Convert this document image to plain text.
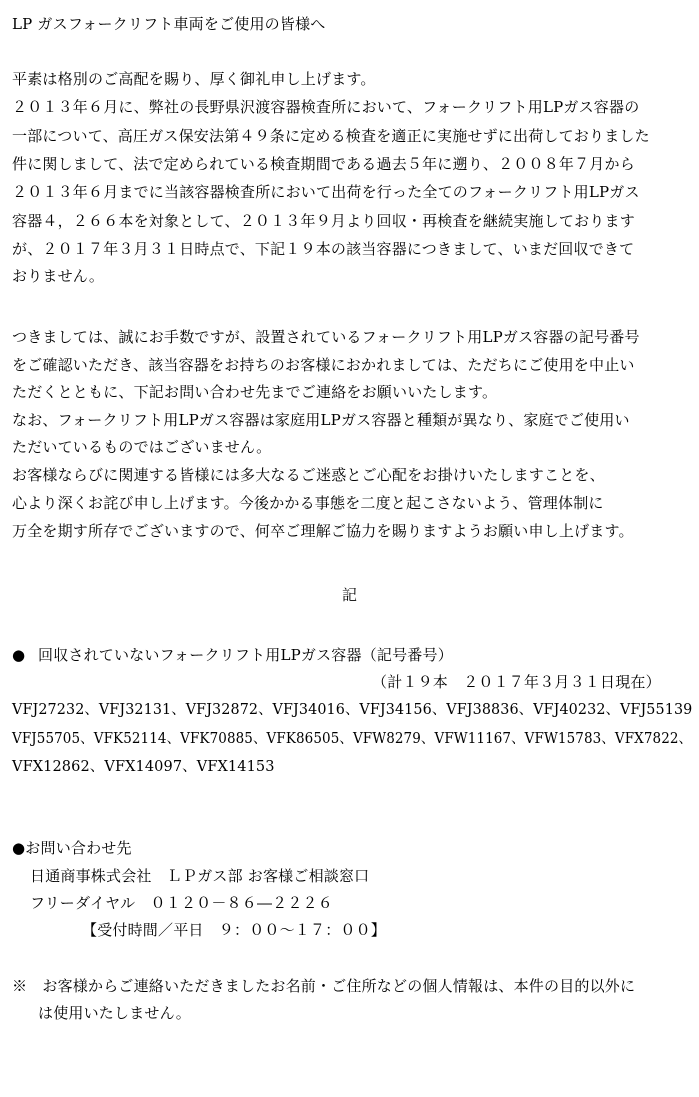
LP ガスフォークリフト車両をご使用の皆様へ
平素は格別のご高配を賜り、厚く御礼申し上げます。
２０１３年６月に、弊社の長野県沢渡容器検査所において、フォークリフト用LPガス容器の
一部について、高圧ガス保安法第４９条に定める検査を適正に実施せずに出荷しておりました
件に関しまして、法で定められている検査期間である過去５年に遡り、２００８年７月から
２０１３年６月までに当該容器検査所において出荷を行った全てのフォークリフト用LPガス
容器４，２６６本を対象として、２０１３年９月より回収・再検査を継続実施しております
が、２０１７年３月３１日時点で、下記１９本の該当容器につきまして、いまだ回収できて
おりません。
つきましては、誠にお手数ですが、設置されているフォークリフト用LPガス容器の記号番号
をご確認いただき、該当容器をお持ちのお客様におかれましては、ただちにご使用を中止い
ただくとともに、下記お問い合わせ先までご連絡をお願いいたします。
なお、フォークリフト用LPガス容器は家庭用LPガス容器と種類が異なり、家庭でご使用い
ただいているものではございません。
お客様ならびに関連する皆様には多大なるご迷惑とご心配をお掛けいたしますことを、
心より深くお詫び申し上げます。今後かかる事態を二度と起こさないよう、管理体制に
万全を期す所存でございますので、何卒ご理解ご協力を賜りますようお願い申し上げます。
記
● 回収されていないフォークリフト用LPガス容器（記号番号）
（計１９本　２０１７年３月３１日現在）
VFJ27232、VFJ32131、VFJ32872、VFJ34016、VFJ34156、VFJ38836、VFJ40232、VFJ55139
VFJ55705、VFK52114、VFK70885、VFK86505、VFW8279、VFW11167、VFW15783、VFX7822、
VFX12862、VFX14097、VFX14153
●お問い合わせ先
日通商事株式会社　ＬＰガス部 お客様ご相談窓口
フリーダイヤル　０１２０－８６―２２２６
【受付時間／平日　９：００～１７：００】
※　お客様からご連絡いただきましたお名前・ご住所などの個人情報は、本件の目的以外に
は使用いたしません。
